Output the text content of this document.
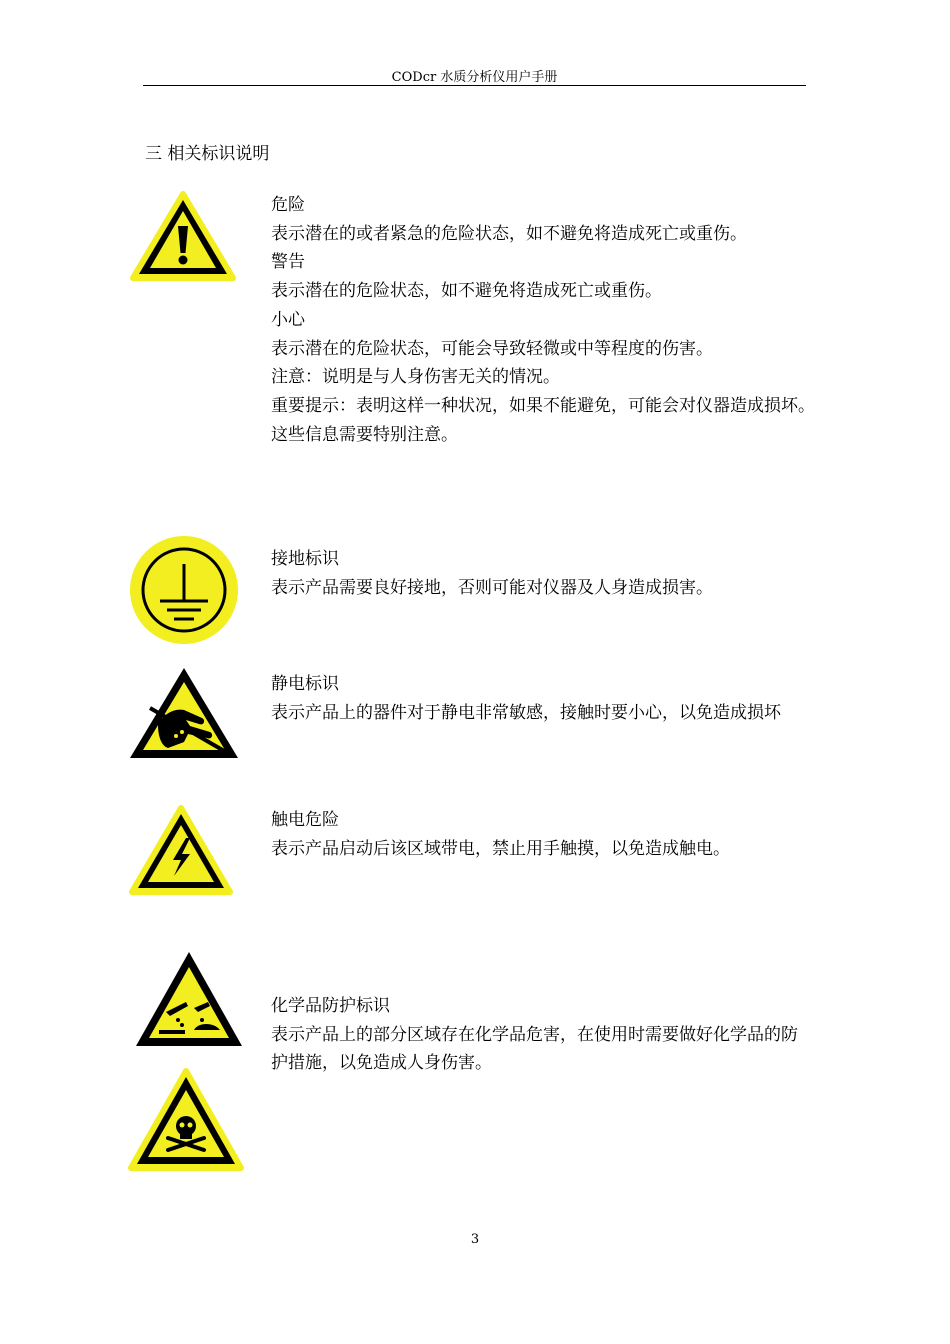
CODcr 水质分析仪用户手册
三 相关标识说明
危险
表示潜在的或者紧急的危险状态，如不避免将造成死亡或重伤。
警告
表示潜在的危险状态，如不避免将造成死亡或重伤。
小心
表示潜在的危险状态，可能会导致轻微或中等程度的伤害。
注意：说明是与人身伤害无关的情况。
重要提示：表明这样一种状况，如果不能避免，可能会对仪器造成损坏。
这些信息需要特别注意。
接地标识
表示产品需要良好接地，否则可能对仪器及人身造成损害。
静电标识
表示产品上的器件对于静电非常敏感，接触时要小心，以免造成损坏
触电危险
表示产品启动后该区域带电，禁止用手触摸，以免造成触电。
化学品防护标识
表示产品上的部分区域存在化学品危害，在使用时需要做好化学品的防
护措施，以免造成人身伤害。
3
